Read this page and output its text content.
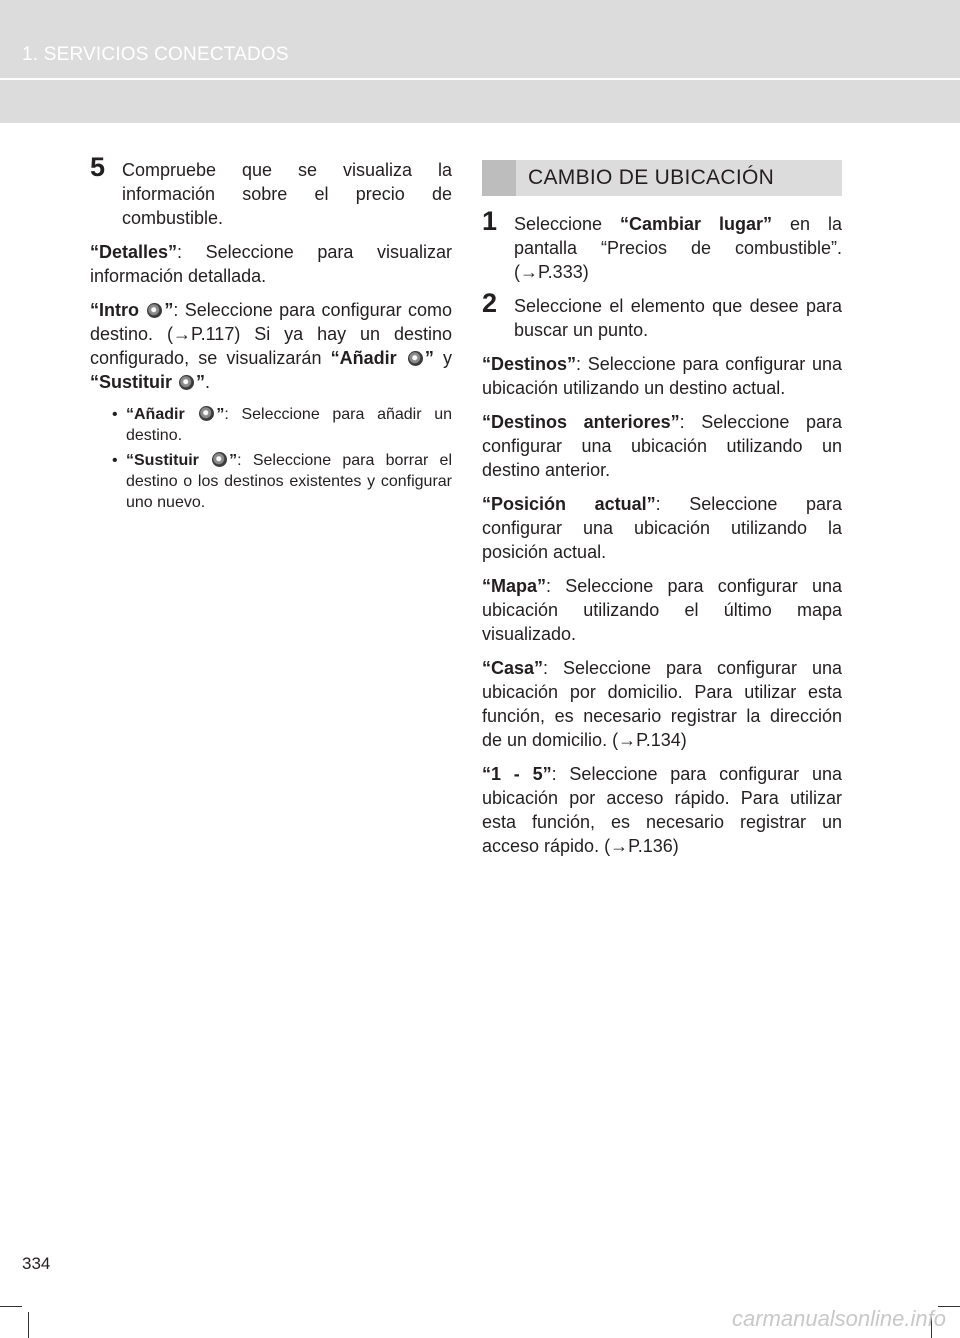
1. SERVICIOS CONECTADOS
5 Compruebe que se visualiza la información sobre el precio de combustible.

“Detalles”: Seleccione para visualizar información detallada.

“Intro ”: Seleccione para configurar como destino. (→P.117) Si ya hay un destino configurado, se visualizarán “Añadir ” y “Sustituir ”.

• “Añadir ”: Seleccione para añadir un destino.

• “Sustituir ”: Seleccione para borrar el destino o los destinos existentes y configurar uno nuevo.

CAMBIO DE UBICACIÓN
1 Seleccione “Cambiar lugar” en la pantalla “Precios de combustible”. (→P.333)

2 Seleccione el elemento que desee para buscar un punto.

“Destinos”: Seleccione para configurar una ubicación utilizando un destino actual.

“Destinos anteriores”: Seleccione para configurar una ubicación utilizando un destino anterior.

“Posición actual”: Seleccione para configurar una ubicación utilizando la posición actual.

“Mapa”: Seleccione para configurar una ubicación utilizando el último mapa visualizado.

“Casa”: Seleccione para configurar una ubicación por domicilio. Para utilizar esta función, es necesario registrar la dirección de un domicilio. (→P.134)

“1 - 5”: Seleccione para configurar una ubicación por acceso rápido. Para utilizar esta función, es necesario registrar un acceso rápido. (→P.136)

334
carmanualsonline.info
